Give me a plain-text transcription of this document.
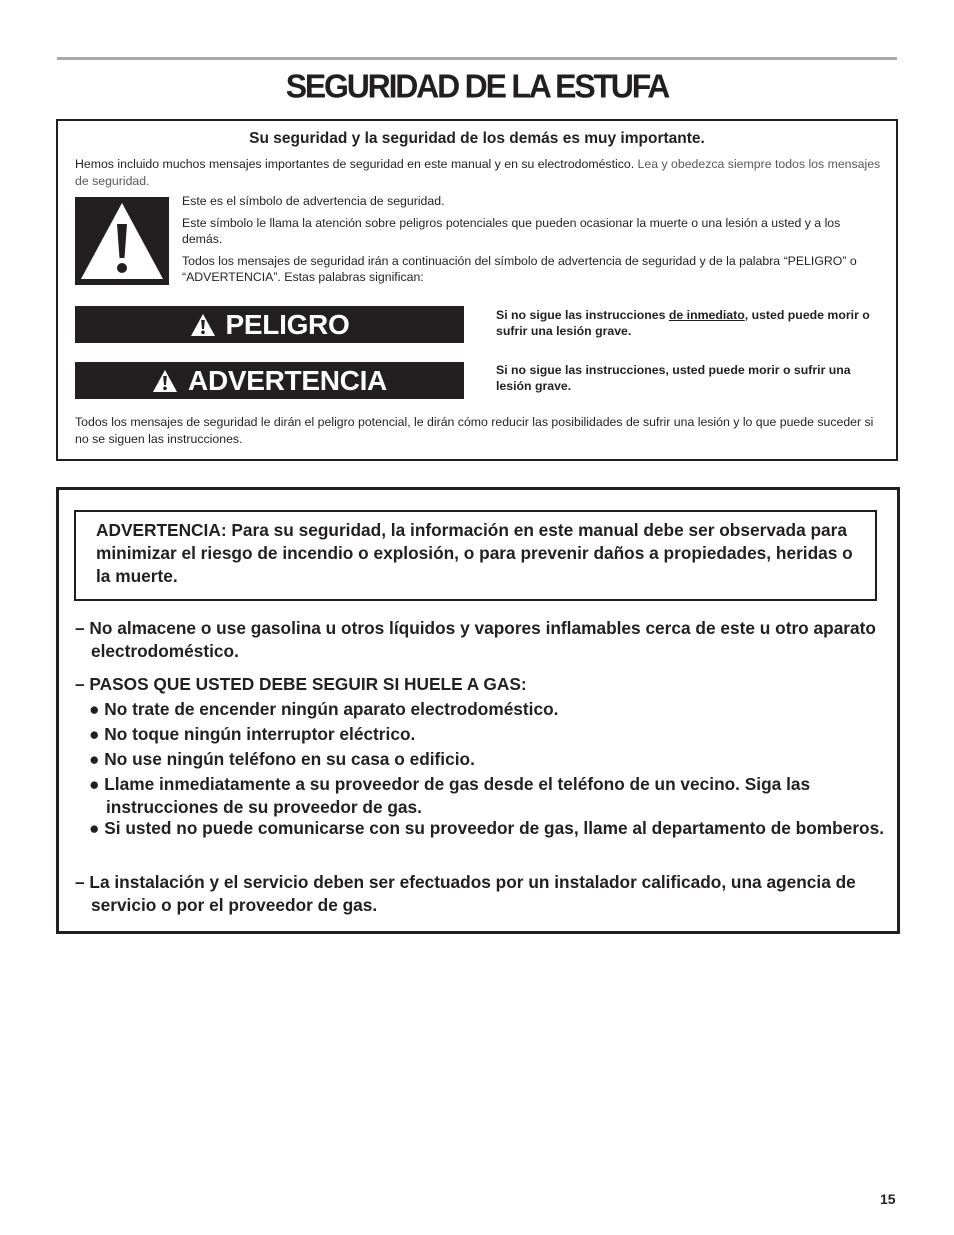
SEGURIDAD DE LA ESTUFA
Su seguridad y la seguridad de los demás es muy importante.
Hemos incluido muchos mensajes importantes de seguridad en este manual y en su electrodoméstico. Lea y obedezca siempre todos los mensajes de seguridad.

Este es el símbolo de advertencia de seguridad.

Este símbolo le llama la atención sobre peligros potenciales que pueden ocasionar la muerte o una lesión a usted y a los demás.

Todos los mensajes de seguridad irán a continuación del símbolo de advertencia de seguridad y de la palabra “PELIGRO” o “ADVERTENCIA”. Estas palabras significan:

PELIGRO	Si no sigue las instrucciones de inmediato, usted puede morir o sufrir una lesión grave.
ADVERTENCIA	Si no sigue las instrucciones, usted puede morir o sufrir una lesión grave.
Todos los mensajes de seguridad le dirán el peligro potencial, le dirán cómo reducir las posibilidades de sufrir una lesión y lo que puede suceder si no se siguen las instrucciones.
ADVERTENCIA: Para su seguridad, la información en este manual debe ser observada para minimizar el riesgo de incendio o explosión, o para prevenir daños a propiedades, heridas o la muerte.
– No almacene o use gasolina u otros líquidos y vapores inflamables cerca de este u otro aparato electrodoméstico.
– PASOS QUE USTED DEBE SEGUIR SI HUELE A GAS:
● No trate de encender ningún aparato electrodoméstico.
● No toque ningún interruptor eléctrico.
● No use ningún teléfono en su casa o edificio.
● Llame inmediatamente a su proveedor de gas desde el teléfono de un vecino. Siga las instrucciones de su proveedor de gas.
● Si usted no puede comunicarse con su proveedor de gas, llame al departamento de bomberos.
– La instalación y el servicio deben ser efectuados por un instalador calificado, una agencia de servicio o por el proveedor de gas.
15
